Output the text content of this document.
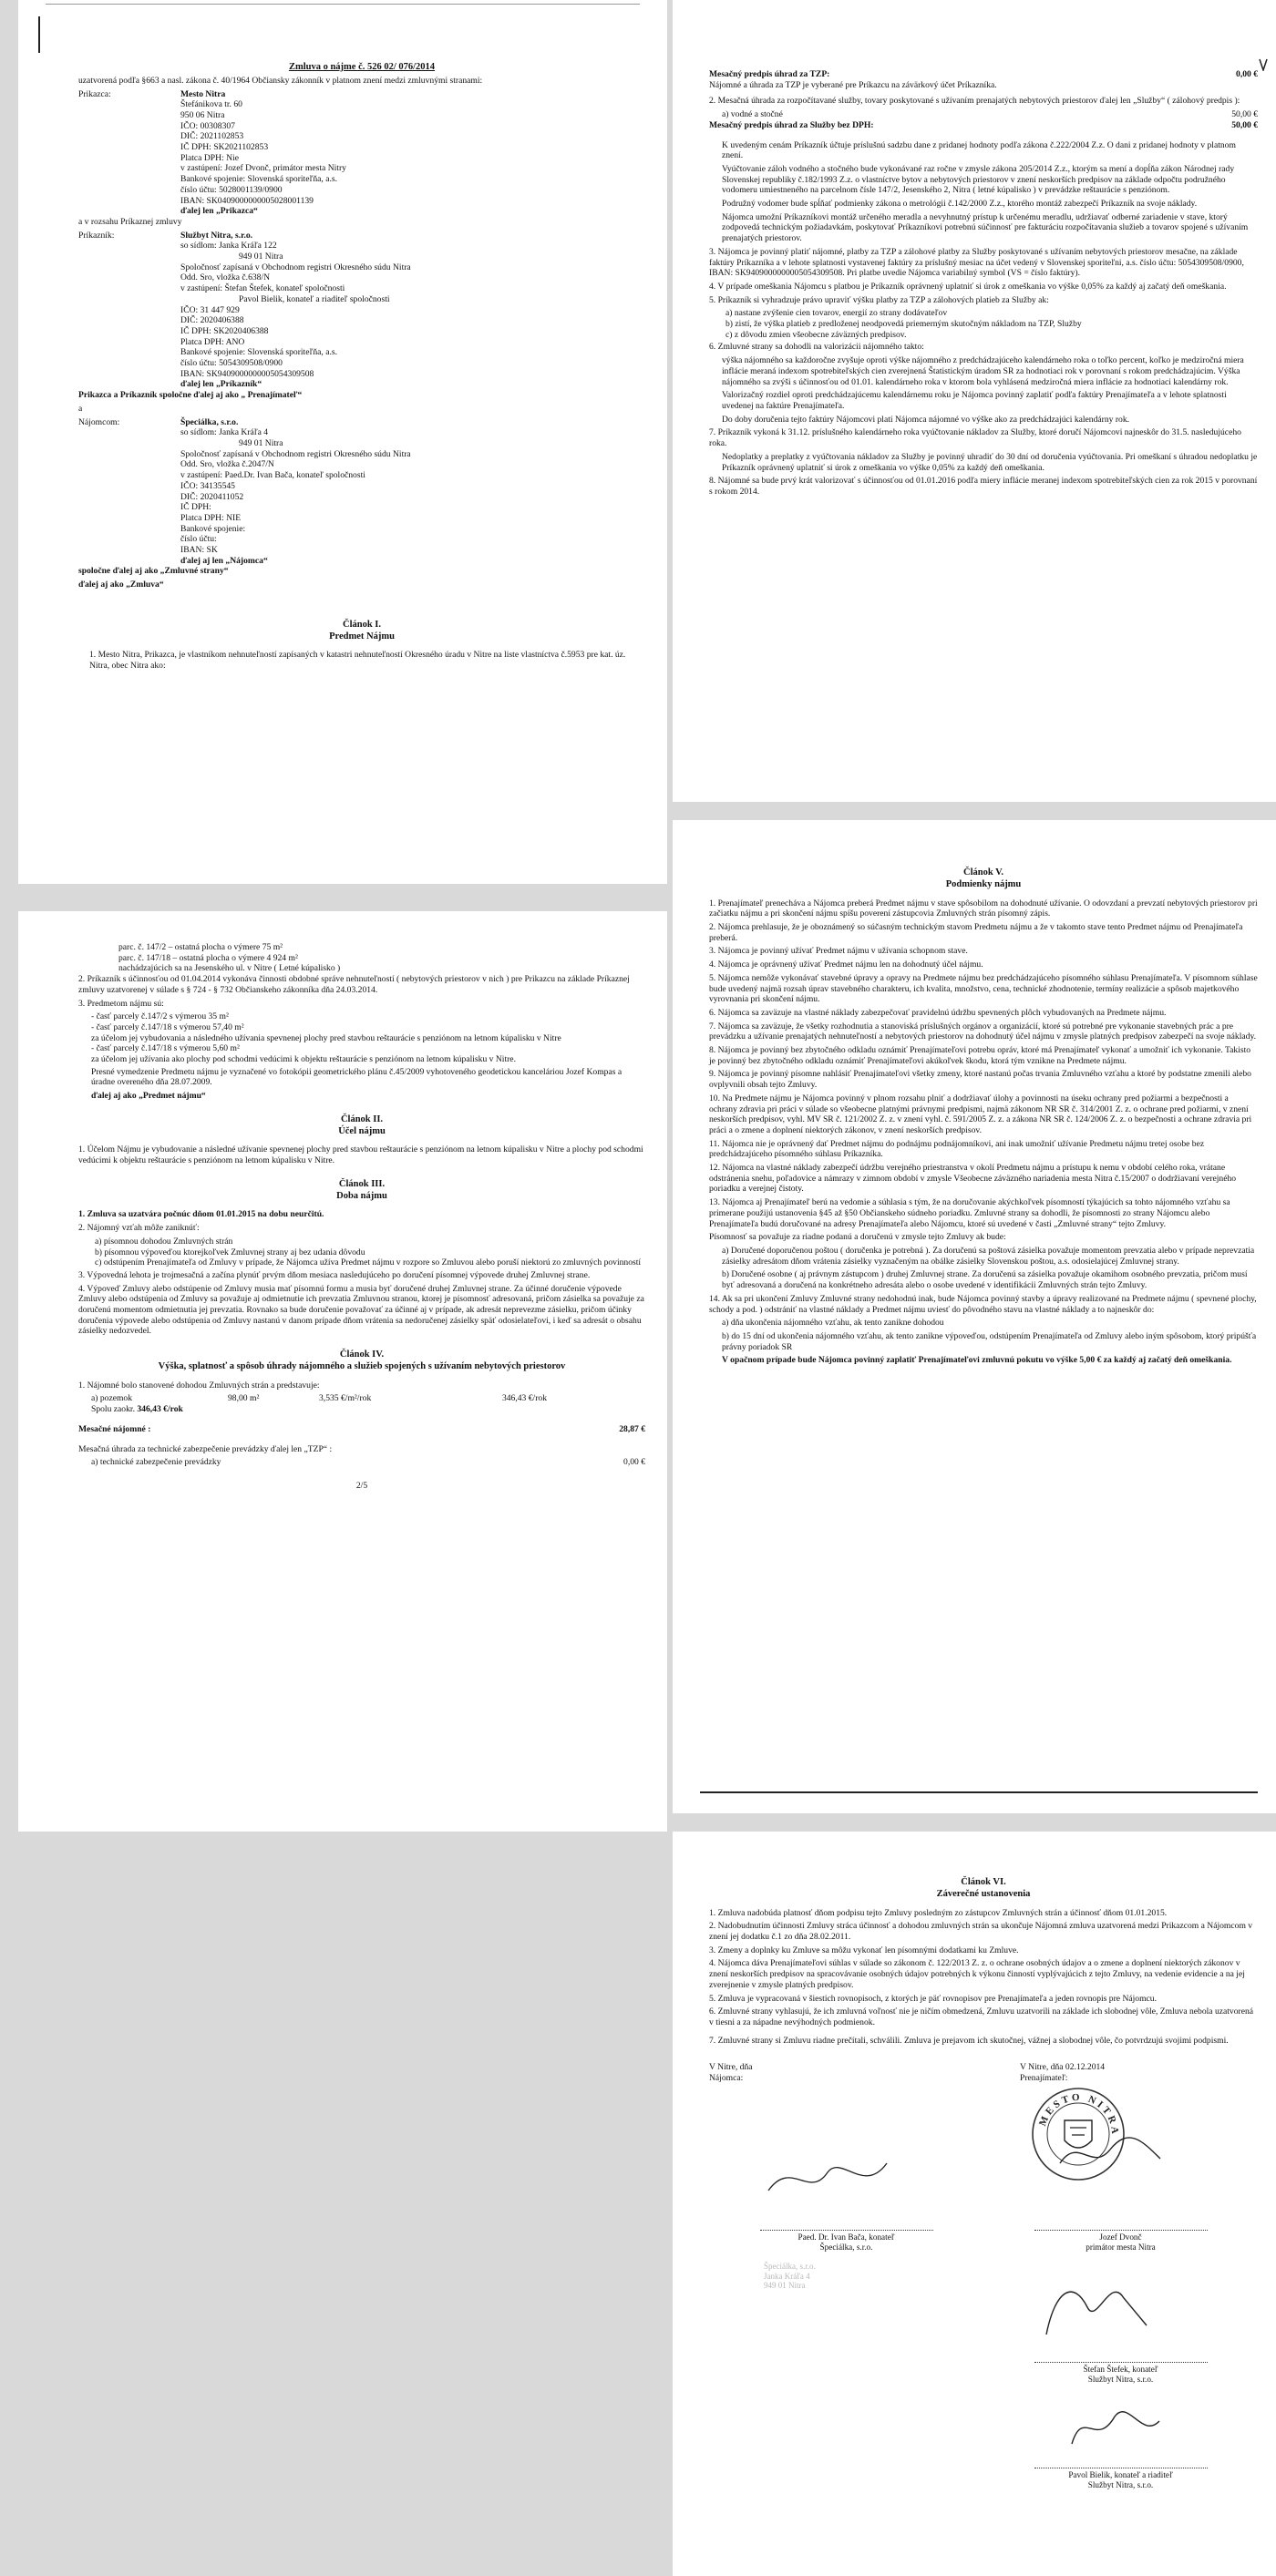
Zmluva o nájme č. 526 02/ 076/2014

uzatvorená podľa §663 a nasl. zákona č. 40/1964 Občiansky zákonník v platnom znení medzi zmluvnými stranami:

Prikazca:	Mesto Nitra
Štefánikova tr. 60
950 06 Nitra
IČO: 00308307
DIČ: 2021102853
IČ DPH: SK2021102853
Platca DPH: Nie
v zastúpení: Jozef Dvonč, primátor mesta Nitry
Bankové spojenie: Slovenská sporiteľňa, a.s.
číslo účtu: 5028001139/0900
IBAN: SK0409000000005028001139
ďalej len „Prikazca“

a v rozsahu Príkaznej zmluvy

Príkazník:	Službyt Nitra, s.r.o.
so sídlom: Janka Kráľa 122
949 01 Nitra
Spoločnosť zapísaná v Obchodnom registri Okresného súdu Nitra
Odd. Sro, vložka č.638/N
v zastúpení: Štefan Štefek, konateľ spoločnosti
Pavol Bielik, konateľ a riaditeľ spoločnosti
IČO: 31 447 929
DIČ: 2020406388
IČ DPH: SK2020406388
Platca DPH: ANO
Bankové spojenie: Slovenská sporiteľňa, a.s.
číslo účtu: 5054309508/0900
IBAN: SK9409000000005054309508
ďalej len „Príkazník“

Prikazca a Príkazník spoločne ďalej aj ako „ Prenajímateľ“

a

Nájomcom:	Špeciálka, s.r.o.
so sídlom: Janka Kráľa 4
949 01 Nitra
Spoločnosť zapísaná v Obchodnom registri Okresného súdu Nitra
Odd. Sro, vložka č.2047/N
v zastúpení: Paed.Dr. Ivan Bača, konateľ spoločnosti
IČO: 34135545
DIČ: 2020411052
IČ DPH:
Platca DPH: NIE
Bankové spojenie:
číslo účtu:
IBAN: SK
ďalej aj len „Nájomca“

spoločne ďalej aj ako „Zmluvné strany“

ďalej aj ako „Zmluva“

Článok I.

Predmet Nájmu

1. Mesto Nitra, Prikazca, je vlastníkom nehnuteľností zapísaných v katastri nehnuteľností Okresného úradu v Nitre na liste vlastníctva č.5953 pre kat. úz. Nitra, obec Nitra ako:

parc. č. 147/2 – ostatná plocha o výmere 75 m²
parc. č. 147/18 – ostatná plocha o výmere 4 924 m²
nachádzajúcich sa na Jesenského ul. v Nitre ( Letné kúpalisko )

2. Príkazník s účinnosťou od 01.04.2014 vykonáva činnosti obdobné správe nehnuteľností ( nebytových priestorov v nich ) pre Prikazcu na základe Príkaznej zmluvy uzatvorenej v súlade s § 724 - § 732 Občianskeho zákonníka dňa 24.03.2014.

3. Predmetom nájmu sú:

- časť parcely č.147/2 s výmerou 35 m²
- časť parcely č.147/18 s výmerou 57,40 m²
za účelom jej vybudovania a následného užívania spevnenej plochy pred stavbou reštaurácie s penziónom na letnom kúpalisku v Nitre
- časť parcely č.147/18 s výmerou 5,60 m²
za účelom jej užívania ako plochy pod schodmi vedúcimi k objektu reštaurácie s penziónom na letnom kúpalisku v Nitre.

Presné vymedzenie Predmetu nájmu je vyznačené vo fotokópii geometrického plánu č.45/2009 vyhotoveného geodetickou kanceláriou Jozef Kompas a úradne overeného dňa 28.07.2009.

ďalej aj ako „Predmet nájmu“

Článok II.

Účel nájmu

1. Účelom Nájmu je vybudovanie a následné užívanie spevnenej plochy pred stavbou reštaurácie s penziónom na letnom kúpalisku v Nitre a plochy pod schodmi vedúcimi k objektu reštaurácie s penziónom na letnom kúpalisku v Nitre.

Článok III.

Doba nájmu

1. Zmluva sa uzatvára počnúc dňom 01.01.2015 na dobu neurčitú.

2. Nájomný vzťah môže zaniknúť:

a) písomnou dohodou Zmluvných strán
b) písomnou výpoveďou ktorejkoľvek Zmluvnej strany aj bez udania dôvodu
c) odstúpením Prenajímateľa od Zmluvy v prípade, že Nájomca užíva Predmet nájmu v rozpore so Zmluvou alebo poruší niektorú zo zmluvných povinností

3. Výpovedná lehota je trojmesačná a začína plynúť prvým dňom mesiaca nasledujúceho po doručení písomnej výpovede druhej Zmluvnej strane.

4. Výpoveď Zmluvy alebo odstúpenie od Zmluvy musia mať písomnú formu a musia byť doručené druhej Zmluvnej strane. Za účinné doručenie výpovede Zmluvy alebo odstúpenia od Zmluvy sa považuje aj odmietnutie ich prevzatia Zmluvnou stranou, ktorej je písomnosť adresovaná, pričom zásielka sa považuje za doručenú momentom odmietnutia jej prevzatia. Rovnako sa bude doručenie považovať za účinné aj v prípade, ak adresát neprevezme zásielku, pričom účinky doručenia výpovede alebo odstúpenia od Zmluvy nastanú v danom prípade dňom vrátenia sa nedoručenej zásielky späť odosielateľovi, i keď sa adresát o obsahu zásielky nedozvedel.

Článok IV.

Výška, splatnosť a spôsob úhrady nájomného a služieb spojených s užívaním nebytových priestorov

1. Nájomné bolo stanovené dohodou Zmluvných strán a predstavuje:

a) pozemok	98,00 m²	3,535 €/m²/rok	346,43 €/rok

Spolu zaokr. 346,43 €/rok

Mesačné nájomné :	28,87 €

Mesačná úhrada za technické zabezpečenie prevádzky ďalej len „TZP“ :

a) technické zabezpečenie prevádzky	0,00 €

2/5

Mesačný predpis úhrad za TZP:	0,00 €

Nájomné a úhrada za TZP je vyberané pre Príkazcu na závärkový účet Príkazníka.

2. Mesačná úhrada za rozpočítavané služby, tovary poskytované s užívaním prenajatých nebytových priestorov ďalej len „Služby“ ( zálohový predpis ):

a) vodné a stočné	50,00 €
Mesačný predpis úhrad za Služby bez DPH:	50,00 €

K uvedeným cenám Príkazník účtuje príslušnú sadzbu dane z pridanej hodnoty podľa zákona č.222/2004 Z.z. O dani z pridanej hodnoty v platnom znení.

Vyúčtovanie záloh vodného a stočného bude vykonávané raz ročne v zmysle zákona 205/2014 Z.z., ktorým sa mení a dopĺňa zákon Národnej rady Slovenskej republiky č.182/1993 Z.z. o vlastníctve bytov a nebytových priestorov v znení neskorších predpisov na základe odpočtu podružného vodomeru umiestneného na parcelnom čísle 147/2, Jesenského 2, Nitra ( letné kúpalisko ) v prevádzke reštaurácie s penziónom.

Podružný vodomer bude spĺňať podmienky zákona o metrológii č.142/2000 Z.z., ktorého montáž zabezpečí Príkazník na svoje náklady.

Nájomca umožní Príkazníkovi montáž určeného meradla a nevyhnutný prístup k určenému meradlu, udržiavať odberné zariadenie v stave, ktorý zodpovedá technickým požiadavkám, poskytovať Príkazníkovi potrebnú súčinnosť pre fakturáciu rozpočítavania služieb a tovarov spojené s užívaním prenajatých priestorov.

3. Nájomca je povinný platiť nájomné, platby za TZP a zálohové platby za Služby poskytované s užívaním nebytových priestorov mesačne, na základe faktúry Príkazníka a v lehote splatnosti vystavenej faktúry za príslušný mesiac na účet vedený v Slovenskej sporiteľni, a.s. číslo účtu: 5054309508/0900, IBAN: SK9409000000005054309508. Pri platbe uvedie Nájomca variabilný symbol (VS = číslo faktúry).

4. V prípade omeškania Nájomcu s platbou je Príkazník oprávnený uplatniť si úrok z omeškania vo výške 0,05% za každý aj začatý deň omeškania.

5. Príkazník si vyhradzuje právo upraviť výšku platby za TZP a zálohových platieb za Služby ak:

a) nastane zvýšenie cien tovarov, energií zo strany dodávateľov
b) zistí, že výška platieb z predloženej neodpovedá priemerným skutočným nákladom na TZP, Služby
c) z dôvodu zmien všeobecne záväzných predpisov.

6. Zmluvné strany sa dohodli na valorizácii nájomného takto:

výška nájomného sa každoročne zvyšuje oproti výške nájomného z predchádzajúceho kalendárneho roka o toľko percent, koľko je medziročná miera inflácie meraná indexom spotrebiteľských cien zverejnená Štatistickým úradom SR za hodnotiaci rok v porovnaní s rokom predchádzajúcim. Výška nájomného sa zvýši s účinnosťou od 01.01. kalendárneho roka v ktorom bola vyhlásená medziročná miera inflácie za hodnotiaci kalendárny rok.

Valorizačný rozdiel oproti predchádzajúcemu kalendárnemu roku je Nájomca povinný zaplatiť podľa faktúry Prenajímateľa a v lehote splatnosti uvedenej na faktúre Prenajímateľa.

Do doby doručenia tejto faktúry Nájomcovi platí Nájomca nájomné vo výške ako za predchádzajúci kalendárny rok.

7. Príkazník vykoná k 31.12. príslušného kalendárneho roka vyúčtovanie nákladov za Služby, ktoré doručí Nájomcovi najneskôr do 31.5. nasledujúceho roka.

Nedoplatky a preplatky z vyúčtovania nákladov za Služby je povinný uhradiť do 30 dní od doručenia vyúčtovania. Pri omeškaní s úhradou nedoplatku je Príkazník oprávnený uplatniť si úrok z omeškania vo výške 0,05% za každý deň omeškania.

8. Nájomné sa bude prvý krát valorizovať s účinnosťou od 01.01.2016 podľa miery inflácie meranej indexom spotrebiteľských cien za rok 2015 v porovnaní s rokom 2014.

Článok V.

Podmienky nájmu

1. Prenajímateľ prenecháva a Nájomca preberá Predmet nájmu v stave spôsobilom na dohodnuté užívanie. O odovzdaní a prevzatí nebytových priestorov pri začiatku nájmu a pri skončení nájmu spíšu poverení zástupcovia Zmluvných strán písomný zápis.

2. Nájomca prehlasuje, že je oboznámený so súčasným technickým stavom Predmetu nájmu a že v takomto stave tento Predmet nájmu od Prenajímateľa preberá.

3. Nájomca je povinný užívať Predmet nájmu v užívania schopnom stave.

4. Nájomca je oprávnený užívať Predmet nájmu len na dohodnutý účel nájmu.

5. Nájomca nemôže vykonávať stavebné úpravy a opravy na Predmete nájmu bez predchádzajúceho písomného súhlasu Prenajímateľa. V písomnom súhlase bude uvedený najmä rozsah úprav stavebného charakteru, ich kvalita, množstvo, cena, technické zhodnotenie, termíny realizácie a spôsob majetkového vyrovnania pri skončení nájmu.

6. Nájomca sa zaväzuje na vlastné náklady zabezpečovať pravidelnú údržbu spevnených plôch vybudovaných na Predmete nájmu.

7. Nájomca sa zaväzuje, že všetky rozhodnutia a stanoviská príslušných orgánov a organizácií, ktoré sú potrebné pre vykonanie stavebných prác a pre prevádzku a užívanie prenajatých nehnuteľností a nebytových priestorov na dohodnutý účel nájmu v zmysle platných predpisov zabezpečí na svoje náklady.

8. Nájomca je povinný bez zbytočného odkladu oznámiť Prenajímateľovi potrebu opráv, ktoré má Prenajímateľ vykonať a umožniť ich vykonanie. Takisto je povinný bez zbytočného odkladu oznámiť Prenajímateľovi akúkoľvek škodu, ktorá tým vznikne na Predmete nájmu.

9. Nájomca je povinný písomne nahlásiť Prenajímateľovi všetky zmeny, ktoré nastanú počas trvania Zmluvného vzťahu a ktoré by podstatne zmenili alebo ovplyvnili obsah tejto Zmluvy.

10. Na Predmete nájmu je Nájomca povinný v plnom rozsahu plniť a dodržiavať úlohy a povinnosti na úseku ochrany pred požiarmi a bezpečnosti a ochrany zdravia pri práci v súlade so všeobecne platnými právnymi predpismi, najmä zákonom NR SR č. 314/2001 Z. z. o ochrane pred požiarmi, v znení neskorších predpisov, vyhl. MV SR č. 121/2002 Z. z. v znení vyhl. č. 591/2005 Z. z. a zákona NR SR č. 124/2006 Z. z. o bezpečnosti a ochrane zdravia pri práci a o zmene a doplnení niektorých zákonov, v znení neskorších predpisov.

11. Nájomca nie je oprávnený dať Predmet nájmu do podnájmu podnájomníkovi, ani inak umožniť užívanie Predmetu nájmu tretej osobe bez predchádzajúceho písomného súhlasu Príkazníka.

12. Nájomca na vlastné náklady zabezpečí údržbu verejného priestranstva v okolí Predmetu nájmu a prístupu k nemu v období celého roka, vrátane odstránenia snehu, poľadovice a námrazy v zimnom období v zmysle Všeobecne záväzného nariadenia mesta Nitra č.15/2007 o dodržiavaní verejného poriadku a verejnej čistoty.

13. Nájomca aj Prenajímateľ berú na vedomie a súhlasia s tým, že na doručovanie akýchkoľvek písomností týkajúcich sa tohto nájomného vzťahu sa primerane použijú ustanovenia §45 až §50 Občianskeho súdneho poriadku. Zmluvné strany sa dohodli, že písomnosti zo strany Nájomcu alebo Prenajímateľa budú doručované na adresy Prenajímateľa alebo Nájomcu, ktoré sú uvedené v časti „Zmluvné strany“ tejto Zmluvy.

Písomnosť sa považuje za riadne podanú a doručenú v zmysle tejto Zmluvy ak bude:

a) Doručené doporučenou poštou ( doručenka je potrebná ). Za doručenú sa poštová zásielka považuje momentom prevzatia alebo v prípade neprevzatia zásielky adresátom dňom vrátenia zásielky vyznačeným na obálke zásielky Slovenskou poštou, a.s. odosielajúcej Zmluvnej strany.

b) Doručené osobne ( aj právnym zástupcom ) druhej Zmluvnej strane. Za doručenú sa zásielka považuje okamihom osobného prevzatia, pričom musí byť adresovaná a doručená na konkrétneho adresáta alebo o osobe uvedené v identifikácii Zmluvných strán tejto Zmluvy.

14. Ak sa pri ukončení Zmluvy Zmluvné strany nedohodnú inak, bude Nájomca povinný stavby a úpravy realizované na Predmete nájmu ( spevnené plochy, schody a pod. ) odstrániť na vlastné náklady a Predmet nájmu uviesť do pôvodného stavu na vlastné náklady a to najneskôr do:

a) dňa ukončenia nájomného vzťahu, ak tento zaniknе dohodou

b) do 15 dní od ukončenia nájomného vzťahu, ak tento zaniknе výpoveďou, odstúpením Prenajímateľa od Zmluvy alebo iným spôsobom, ktorý pripúšťa právny poriadok SR

V opačnom prípade bude Nájomca povinný zaplatiť Prenajímateľovi zmluvnú pokutu vo výške 5,00 € za každý aj začatý deň omeškania.

Článok VI.

Záverečné ustanovenia

1. Zmluva nadobúda platnosť dňom podpisu tejto Zmluvy posledným zo zástupcov Zmluvných strán a účinnosť dňom 01.01.2015.

2. Nadobudnutím účinnosti Zmluvy stráca účinnosť a dohodou zmluvných strán sa ukončuje Nájomná zmluva uzatvorená medzi Prikazcom a Nájomcom v znení jej dodatku č.1 zo dňa 28.02.2011.

3. Zmeny a doplnky ku Zmluve sa môžu vykonať len písomnými dodatkami ku Zmluve.

4. Nájomca dáva Prenajímateľovi súhlas v súlade so zákonom č. 122/2013 Z. z. o ochrane osobných údajov a o zmene a doplnení niektorých zákonov v znení neskorších predpisov na spracovávanie osobných údajov potrebných k výkonu činností vyplývajúcich z tejto Zmluvy, na vedenie evidencie a na jej zverejnenie v zmysle platných predpisov.

5. Zmluva je vypracovaná v šiestich rovnopisoch, z ktorých je päť rovnopisov pre Prenajímateľa a jeden rovnopis pre Nájomcu.

6. Zmluvné strany vyhlasujú, že ich zmluvná voľnosť nie je ničím obmedzená, Zmluvu uzatvorili na základe ich slobodnej vôle, Zmluva nebola uzatvorená v tiesni a za nápadne nevýhodných podmienok.

7. Zmluvné strany si Zmluvu riadne prečítali, schválili. Zmluva je prejavom ich skutočnej, vážnej a slobodnej vôle, čo potvrdzujú svojimi podpismi.

V Nitre, dňa
Nájomca:
V Nitre, dňa 02.12.2014
Prenajímateľ:
MESTO NITRA
Paed. Dr. Ivan Bača, konateľ
Špeciálka, s.r.o.
Jozef Dvonč
primátor mesta Nitra
Špeciálka, s.r.o.
Janka Kráľa 4
949 01 Nitra
Štefan Štefek, konateľ
Službyt Nitra, s.r.o.
Pavol Bielik, konateľ a riaditeľ
Službyt Nitra, s.r.o.
